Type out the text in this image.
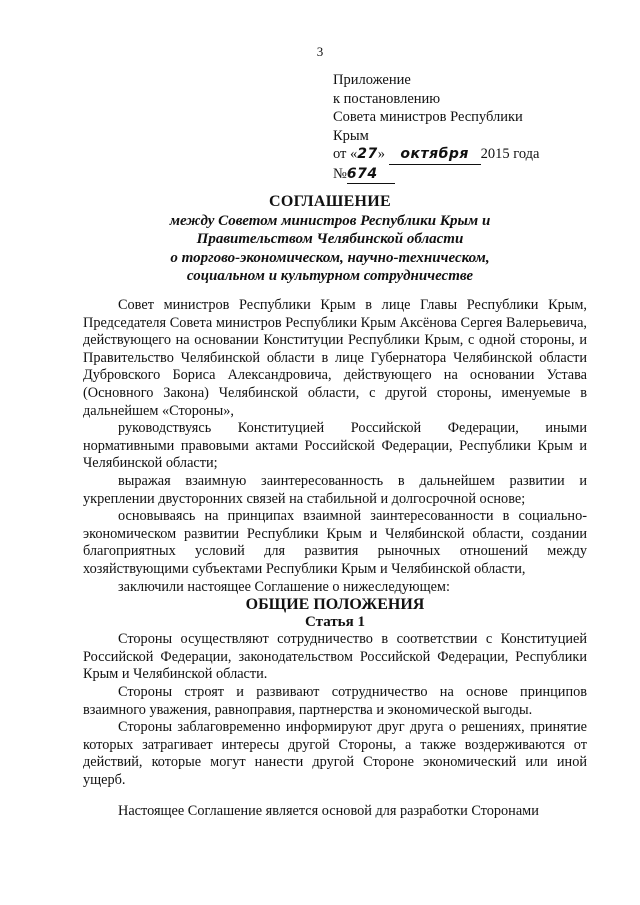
3
Приложение
к постановлению
Совета министров Республики
Крым
от «27» октября 2015 года
№674
СОГЛАШЕНИЕ
между Советом министров Республики Крым и
Правительством Челябинской области
о торгово-экономическом, научно-техническом,
социальном и культурном сотрудничестве

Совет министров Республики Крым в лице Главы Республики Крым, Председателя Совета министров Республики Крым Аксёнова Сергея Валерьевича, действующего на основании Конституции Республики Крым, с одной стороны, и Правительство Челябинской области в лице Губернатора Челябинской области Дубровского Бориса Александровича, действующего на основании Устава (Основного Закона) Челябинской области, с другой стороны, именуемые в дальнейшем «Стороны»,

руководствуясь Конституцией Российской Федерации, иными нормативными правовыми актами Российской Федерации, Республики Крым и Челябинской области;

выражая взаимную заинтересованность в дальнейшем развитии и укреплении двусторонних связей на стабильной и долгосрочной основе;

основываясь на принципах взаимной заинтересованности в социально-экономическом развитии Республики Крым и Челябинской области, создании благоприятных условий для развития рыночных отношений между хозяйствующими субъектами Республики Крым и Челябинской области,

заключили настоящее Соглашение о нижеследующем:

ОБЩИЕ ПОЛОЖЕНИЯ

Статья 1

Стороны осуществляют сотрудничество в соответствии с Конституцией Российской Федерации, законодательством Российской Федерации, Республики Крым и Челябинской области.

Стороны строят и развивают сотрудничество на основе принципов взаимного уважения, равноправия, партнерства и экономической выгоды.

Стороны заблаговременно информируют друг друга о решениях, принятие которых затрагивает интересы другой Стороны, а также воздерживаются от действий, которые могут нанести другой Стороне экономический или иной ущерб.

Настоящее Соглашение является основой для разработки Сторонами
